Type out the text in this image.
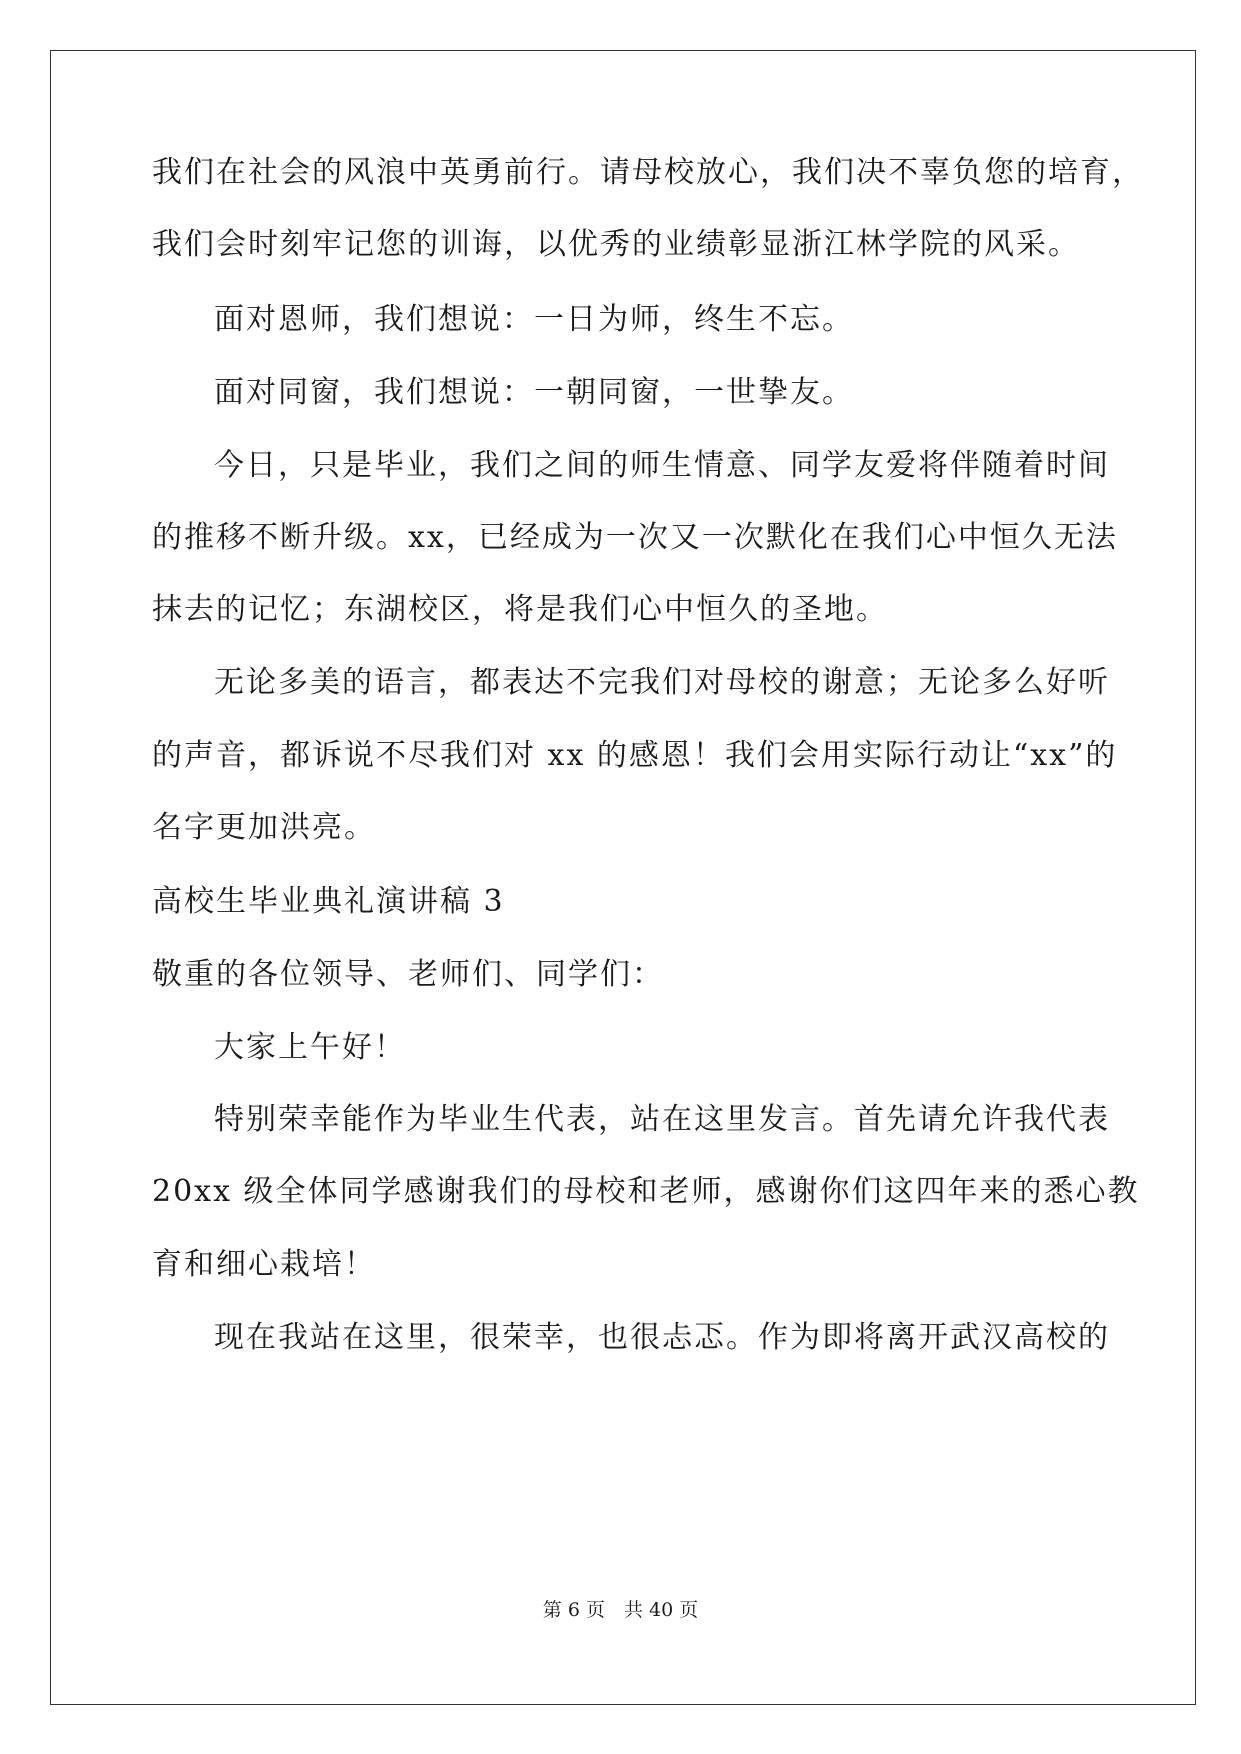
我们在社会的风浪中英勇前行。请母校放心，我们决不辜负您的培育，
我们会时刻牢记您的训诲，以优秀的业绩彰显浙江林学院的风采。
面对恩师，我们想说：一日为师，终生不忘。
面对同窗，我们想说：一朝同窗，一世挚友。
今日，只是毕业，我们之间的师生情意、同学友爱将伴随着时间
的推移不断升级。xx，已经成为一次又一次默化在我们心中恒久无法
抹去的记忆；东湖校区，将是我们心中恒久的圣地。
无论多美的语言，都表达不完我们对母校的谢意；无论多么好听
的声音，都诉说不尽我们对 xx 的感恩！我们会用实际行动让“xx”的
名字更加洪亮。
高校生毕业典礼演讲稿 3
敬重的各位领导、老师们、同学们：
大家上午好！
特别荣幸能作为毕业生代表，站在这里发言。首先请允许我代表
20xx 级全体同学感谢我们的母校和老师，感谢你们这四年来的悉心教
育和细心栽培！
现在我站在这里，很荣幸，也很忐忑。作为即将离开武汉高校的
第 6 页　共 40 页
